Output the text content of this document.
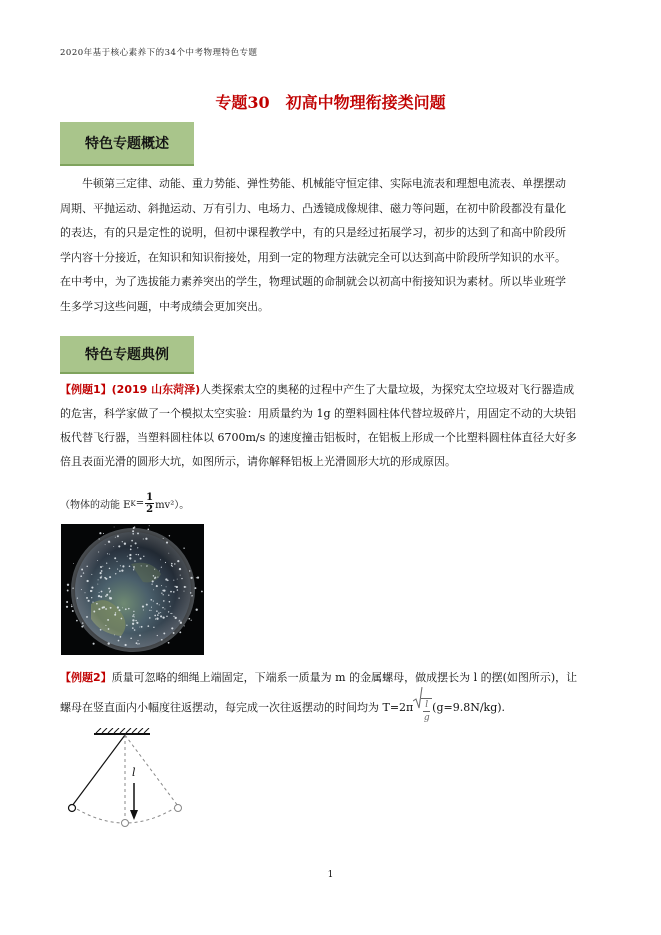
2020年基于核心素养下的34个中考物理特色专题
专题30　初高中物理衔接类问题
特色专题概述
牛顿第三定律、动能、重力势能、弹性势能、机械能守恒定律、实际电流表和理想电流表、单摆摆动
周期、平抛运动、斜抛运动、万有引力、电场力、凸透镜成像规律、磁力等问题，在初中阶段都没有量化
的表达，有的只是定性的说明，但初中课程教学中，有的只是经过拓展学习，初步的达到了和高中阶段所
学内容十分接近，在知识和知识衔接处，用到一定的物理方法就完全可以达到高中阶段所学知识的水平。
在中考中，为了选拔能力素养突出的学生，物理试题的命制就会以初高中衔接知识为素材。所以毕业班学
生多学习这些问题，中考成绩会更加突出。
特色专题典例
【例题1】(2019 山东菏泽)人类探索太空的奥秘的过程中产生了大量垃圾，为探究太空垃圾对飞行器造成
的危害，科学家做了一个模拟太空实验：用质量约为 1g 的塑料圆柱体代替垃圾碎片，用固定不动的大块铝
板代替飞行器，当塑料圆柱体以 6700m/s 的速度撞击铝板时，在铝板上形成一个比塑料圆柱体直径大好多
倍且表面光滑的圆形大坑，如图所示，请你解释铝板上光滑圆形大坑的形成原因。
（物体的动能 E $K = \frac{1}{2} mv^2$）。
【例题2】质量可忽略的细绳上端固定，下端系一质量为 m 的金属螺母，做成摆长为 l 的摆(如图所示)，让
螺母在竖直面内小幅度往返摆动，每完成一次往返摆动的时间均为 $T=2\pi \frac{l}{g} (g=9.8N/kg)$.
l
1
